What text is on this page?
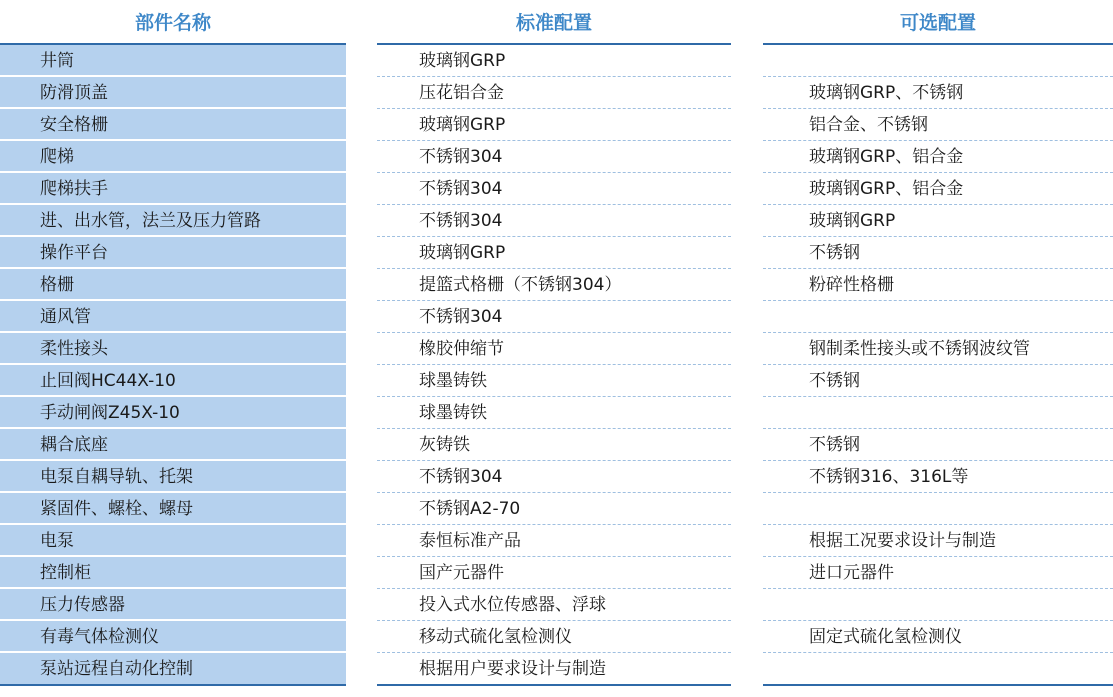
部件名称
井筒
防滑顶盖
安全格栅
爬梯
爬梯扶手
进、出水管，法兰及压力管路
操作平台
格栅
通风管
柔性接头
止回阀HC44X-10
手动闸阀Z45X-10
耦合底座
电泵自耦导轨、托架
紧固件、螺栓、螺母
电泵
控制柜
压力传感器
有毒气体检测仪
泵站远程自动化控制
标准配置
玻璃钢GRP
压花铝合金
玻璃钢GRP
不锈钢304
不锈钢304
不锈钢304
玻璃钢GRP
提篮式格栅（不锈钢304）
不锈钢304
橡胶伸缩节
球墨铸铁
球墨铸铁
灰铸铁
不锈钢304
不锈钢A2-70
泰恒标准产品
国产元器件
投入式水位传感器、浮球
移动式硫化氢检测仪
根据用户要求设计与制造
可选配置
玻璃钢GRP、不锈钢
铝合金、不锈钢
玻璃钢GRP、铝合金
玻璃钢GRP、铝合金
玻璃钢GRP
不锈钢
粉碎性格栅
钢制柔性接头或不锈钢波纹管
不锈钢
不锈钢
不锈钢316、316L等
根据工况要求设计与制造
进口元器件
固定式硫化氢检测仪
